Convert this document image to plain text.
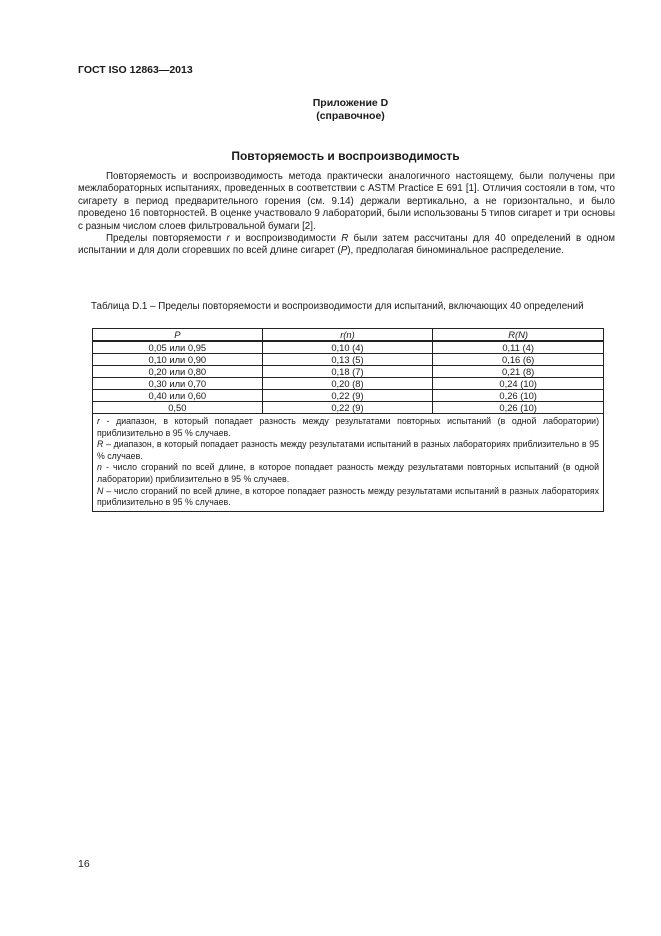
ГОСТ ISO 12863—2013
Приложение D
(справочное)
Повторяемость и воспроизводимость

Повторяемость и воспроизводимость метода практически аналогичного настоящему, были получены при межлабораторных испытаниях, проведенных в соответствии с ASTM Practice E 691 [1]. Отличия состояли в том, что сигарету в период предварительного горения (см. 9.14) держали вертикально, а не горизонтально, и было проведено 16 повторностей. В оценке участвовало 9 лабораторий, были использованы 5 типов сигарет и три основы с разным числом слоев фильтровальной бумаги [2].

Пределы повторяемости r и воспроизводимости R были затем рассчитаны для 40 определений в одном испытании и для доли сгоревших по всей длине сигарет (P), предполагая биноминальное распределение.

Таблица D.1 – Пределы повторяемости и воспроизводимости для испытаний, включающих 40 определений
P	r(n)	R(N)
0,05 или 0,95	0,10 (4)	0,11 (4)
0,10 или 0,90	0,13 (5)	0,16 (6)
0,20 или 0,80	0,18 (7)	0,21 (8)
0,30 или 0,70	0,20 (8)	0,24 (10)
0,40 или 0,60	0,22 (9)	0,26 (10)
0,50	0,22 (9)	0,26 (10)

r - диапазон, в который попадает разность между результатами повторных испытаний (в одной лаборатории) приблизительно в 95 % случаев.

R – диапазон, в который попадает разность между результатами испытаний в разных лабораториях приблизительно в 95 % случаев.

n - число сгораний по всей длине, в которое попадает разность между результатами повторных испытаний (в одной лаборатории) приблизительно в 95 % случаев.

N – число сгораний по всей длине, в которое попадает разность между результатами испытаний в разных лабораториях приблизительно в 95 % случаев.		

16
